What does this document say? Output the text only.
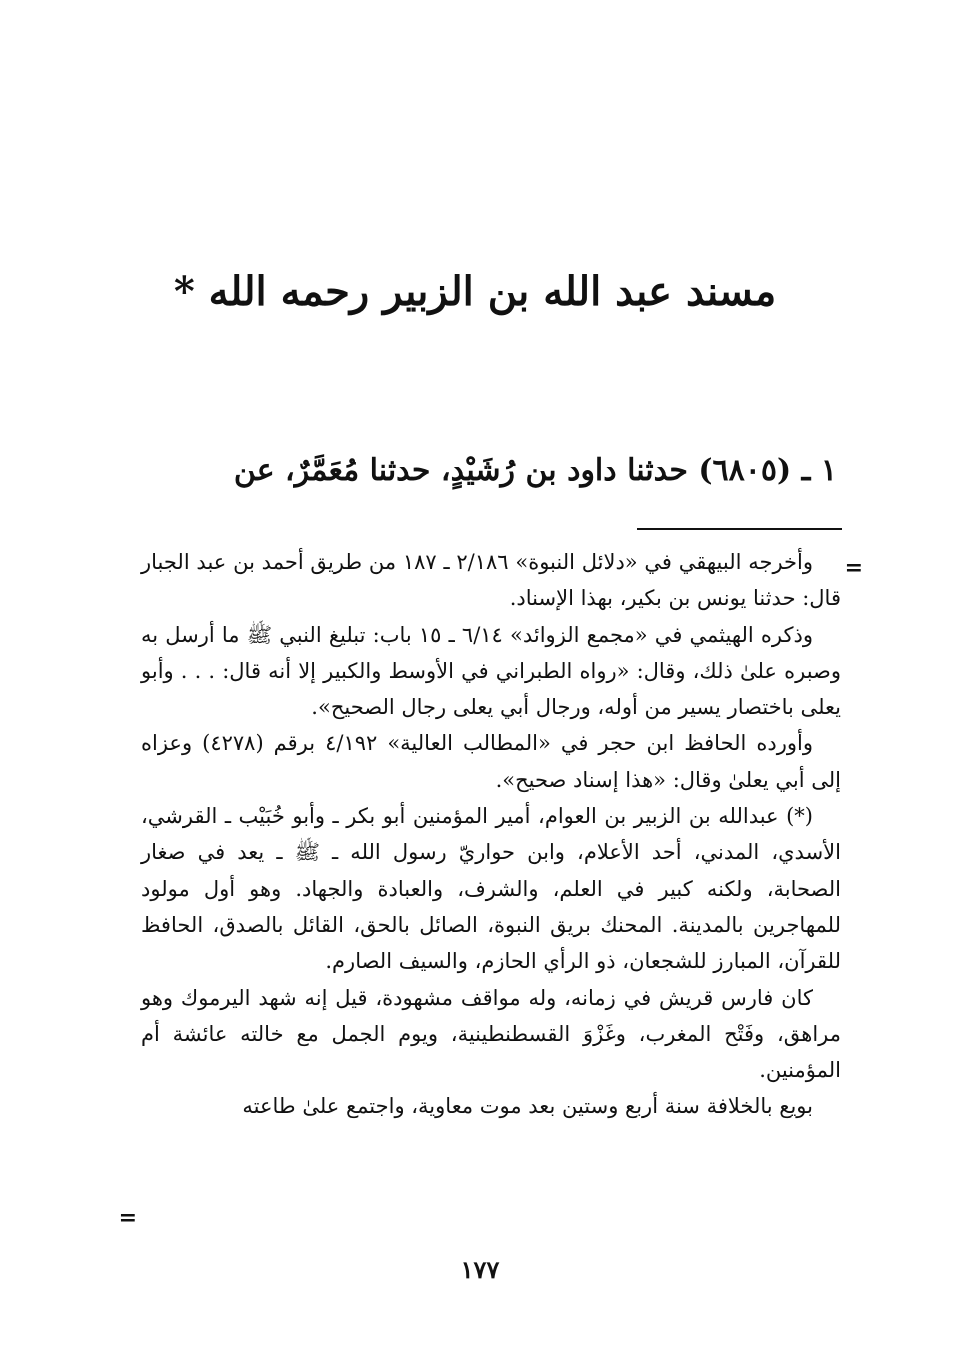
مسند عبد الله بن الزبير رحمه الله *
١ ـ (٦٨٠٥) حدثنا داود بن رُشَيْدٍ، حدثنا مُعَمَّرٌ، عن
=

وأخرجه البيهقي في «دلائل النبوة» ٢/١٨٦ ـ ١٨٧ من طريق أحمد بن عبد الجبار قال: حدثنا يونس بن بكير، بهذا الإسناد.

وذكره الهيثمي في «مجمع الزوائد» ٦/١٤ ـ ١٥ باب: تبليغ النبي ﷺ ما أرسل به وصبره علىٰ ذلك، وقال: «رواه الطبراني في الأوسط والكبير إلا أنه قال: . . . وأبو يعلى باختصار يسير من أوله، ورجال أبي يعلى رجال الصحيح».

وأورده الحافظ ابن حجر في «المطالب العالية» ٤/١٩٢ برقم (٤٢٧٨) وعزاه إلى أبي يعلىٰ وقال: «هذا إسناد صحيح».

(*) عبدالله بن الزبير بن العوام، أمير المؤمنين أبو بكر ـ وأبو خُبَيْب ـ القرشي، الأسدي، المدني، أحد الأعلام، وابن حواريّ رسول الله ـ ﷺ ـ يعد في صغار الصحابة، ولكنه كبير في العلم، والشرف، والعبادة والجهاد. وهو أول مولود للمهاجرين بالمدينة. المحنك بريق النبوة، الصائل بالحق، القائل بالصدق، الحافظ للقرآن، المبارز للشجعان، ذو الرأي الحازم، والسيف الصارم.

كان فارس قريش في زمانه، وله مواقف مشهودة، قيل إنه شهد اليرموك وهو مراهق، وفَتْح المغرب، وغَزْوَ القسطنطينية، ويوم الجمل مع خالته عائشة أم المؤمنين.

بويع بالخلافة سنة أربع وستين بعد موت معاوية، واجتمع علىٰ طاعته

=
١٧٧
